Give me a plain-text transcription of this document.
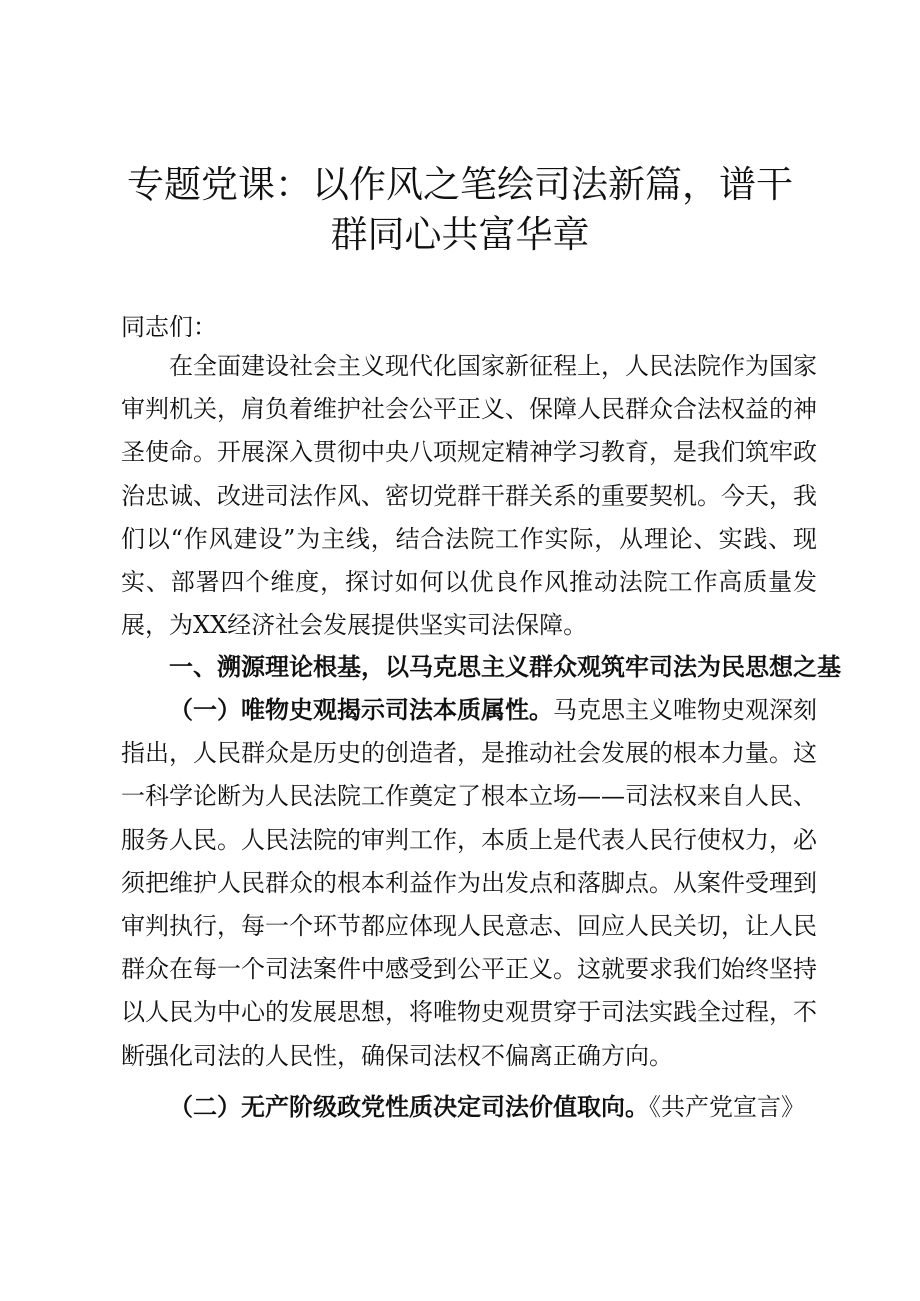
专题党课：以作风之笔绘司法新篇，谱干群同心共富华章

同志们：

在全面建设社会主义现代化国家新征程上，人民法院作为国家审判机关，肩负着维护社会公平正义、保障人民群众合法权益的神圣使命。开展深入贯彻中央八项规定精神学习教育，是我们筑牢政治忠诚、改进司法作风、密切党群干群关系的重要契机。今天，我们以“作风建设”为主线，结合法院工作实际，从理论、实践、现实、部署四个维度，探讨如何以优良作风推动法院工作高质量发展，为XX经济社会发展提供坚实司法保障。

一、溯源理论根基，以马克思主义群众观筑牢司法为民思想之基

（一）唯物史观揭示司法本质属性。马克思主义唯物史观深刻指出，人民群众是历史的创造者，是推动社会发展的根本力量。这一科学论断为人民法院工作奠定了根本立场——司法权来自人民、服务人民。人民法院的审判工作，本质上是代表人民行使权力，必须把维护人民群众的根本利益作为出发点和落脚点。从案件受理到审判执行，每一个环节都应体现人民意志、回应人民关切，让人民群众在每一个司法案件中感受到公平正义。这就要求我们始终坚持以人民为中心的发展思想，将唯物史观贯穿于司法实践全过程，不断强化司法的人民性，确保司法权不偏离正确方向。

（二）无产阶级政党性质决定司法价值取向。《共产党宣言》
